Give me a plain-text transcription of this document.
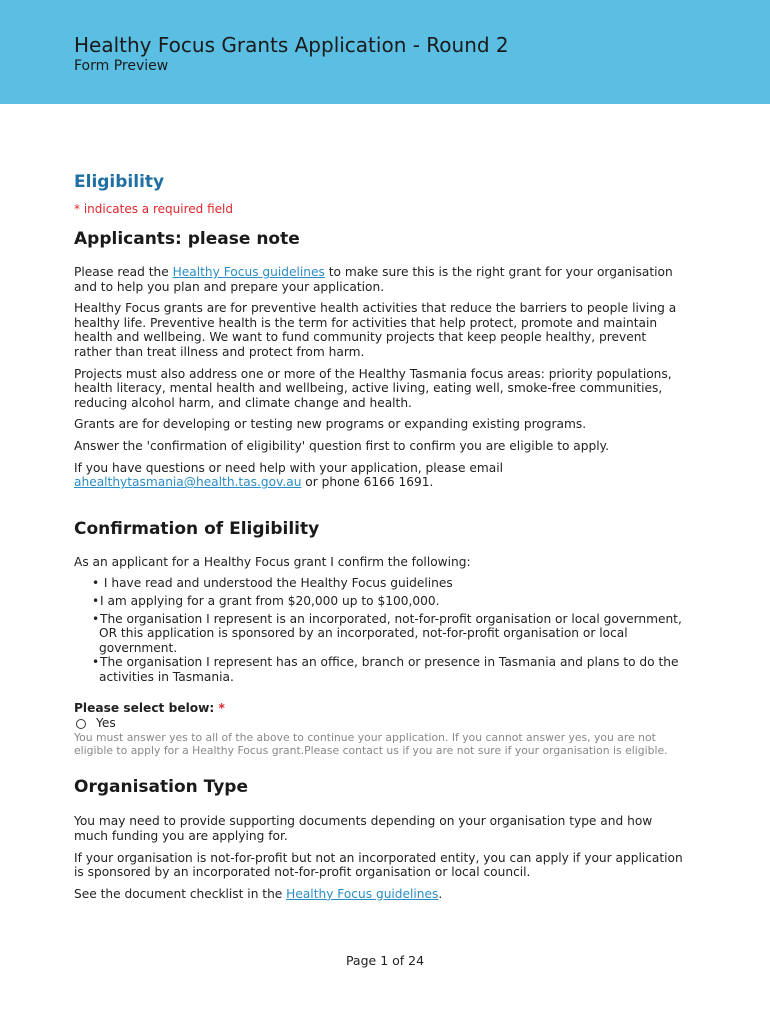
Healthy Focus Grants Application - Round 2
Form Preview
Eligibility
* indicates a required field
Applicants: please note

Please read the Healthy Focus guidelines to make sure this is the right grant for your organisation and to help you plan and prepare your application.

Healthy Focus grants are for preventive health activities that reduce the barriers to people living a healthy life. Preventive health is the term for activities that help protect, promote and maintain health and wellbeing. We want to fund community projects that keep people healthy, prevent rather than treat illness and protect from harm.

Projects must also address one or more of the Healthy Tasmania focus areas: priority populations, health literacy, mental health and wellbeing, active living, eating well, smoke-free communities, reducing alcohol harm, and climate change and health.

Grants are for developing or testing new programs or expanding existing programs.

Answer the 'confirmation of eligibility' question first to confirm you are eligible to apply.

If you have questions or need help with your application, please email ahealthytasmania@health.tas.gov.au or phone 6166 1691.

Confirmation of Eligibility

As an applicant for a Healthy Focus grant I confirm the following:

• I have read and understood the Healthy Focus guidelines
•I am applying for a grant from $20,000 up to $100,000.
•The organisation I represent is an incorporated, not-for-profit organisation or local government, OR this application is sponsored by an incorporated, not-for-profit organisation or local government.
•The organisation I represent has an office, branch or presence in Tasmania and plans to do the activities in Tasmania.
Please select below: *
Yes
You must answer yes to all of the above to continue your application. If you cannot answer yes, you are not eligible to apply for a Healthy Focus grant.Please contact us if you are not sure if your organisation is eligible.
Organisation Type

You may need to provide supporting documents depending on your organisation type and how much funding you are applying for.

If your organisation is not-for-profit but not an incorporated entity, you can apply if your application is sponsored by an incorporated not-for-profit organisation or local council.

See the document checklist in the Healthy Focus guidelines.

Page 1 of 24
